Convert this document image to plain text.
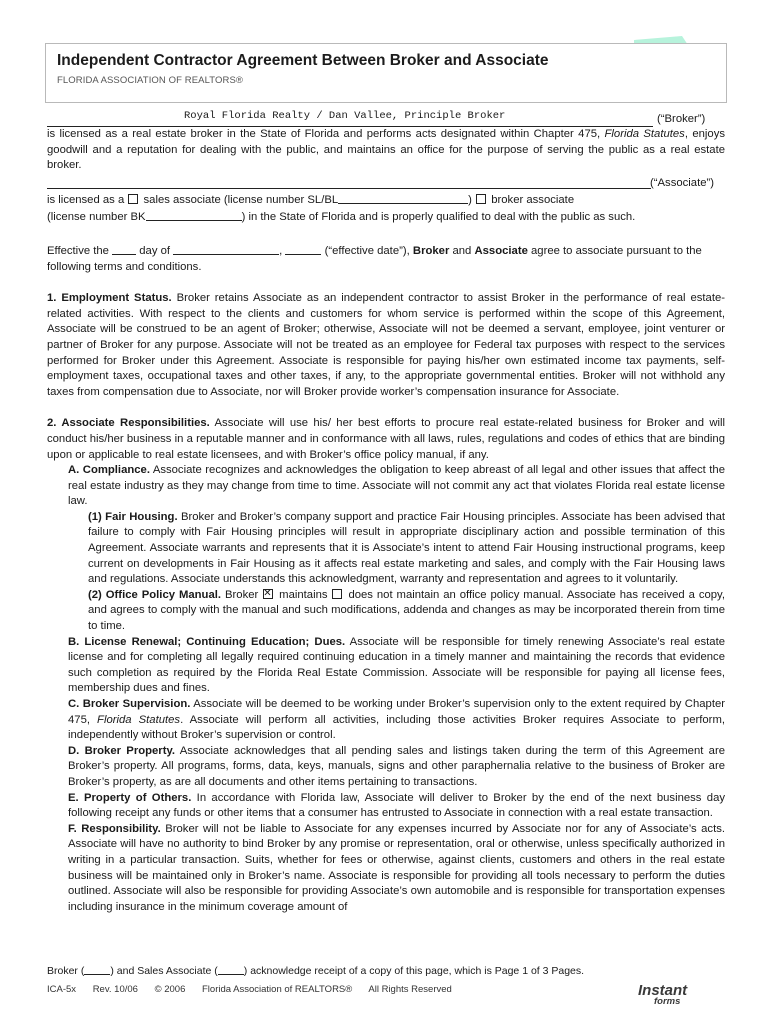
Independent Contractor Agreement Between Broker and Associate
FLORIDA ASSOCIATION OF REALTORS®
Royal Florida Realty / Dan Vallee, Principle Broker	(“Broker”)

is licensed as a real estate broker in the State of Florida and performs acts designated within Chapter 475, Florida Statutes, enjoys goodwill and a reputation for dealing with the public, and maintains an office for the purpose of serving the public as a real estate broker.

(“Associate”)

is licensed as a  sales associate (license number SL/BL	)  broker associate

(license number BK	) in the State of Florida and is properly qualified to deal with the public as such.

Effective the  day of	,	(“effective date”), Broker and Associate agree to associate pursuant to the following terms and conditions.

1. Employment Status. Broker retains Associate as an independent contractor to assist Broker in the performance of real estate-related activities. With respect to the clients and customers for whom service is performed within the scope of this Agreement, Associate will be construed to be an agent of Broker; otherwise, Associate will not be deemed a servant, employee, joint venturer or partner of Broker for any purpose. Associate will not be treated as an employee for Federal tax purposes with respect to the services performed for Broker under this Agreement. Associate is responsible for paying his/her own estimated income tax payments, self-employment taxes, occupational taxes and other taxes, if any, to the appropriate governmental entities. Broker will not withhold any taxes from compensation due to Associate, nor will Broker provide worker’s compensation insurance for Associate.

2. Associate Responsibilities. Associate will use his/ her best efforts to procure real estate-related business for Broker and will conduct his/her business in a reputable manner and in conformance with all laws, rules, regulations and codes of ethics that are binding upon or applicable to real estate licensees, and with Broker’s office policy manual, if any.

A. Compliance. Associate recognizes and acknowledges the obligation to keep abreast of all legal and other issues that affect the real estate industry as they may change from time to time. Associate will not commit any act that violates Florida real estate license law.

(1) Fair Housing. Broker and Broker’s company support and practice Fair Housing principles. Associate has been advised that failure to comply with Fair Housing principles will result in appropriate disciplinary action and possible termination of this Agreement. Associate warrants and represents that it is Associate’s intent to attend Fair Housing instructional programs, keep current on developments in Fair Housing as it affects real estate marketing and sales, and comply with the Fair Housing laws and regulations. Associate understands this acknowledgment, warranty and representation and agrees to it voluntarily.

(2) Office Policy Manual. Broker ✕ maintains  does not maintain an office policy manual. Associate has received a copy, and agrees to comply with the manual and such modifications, addenda and changes as may be incorporated therein from time to time.

B. License Renewal; Continuing Education; Dues. Associate will be responsible for timely renewing Associate’s real estate license and for completing all legally required continuing education in a timely manner and maintaining the records that evidence such completion as required by the Florida Real Estate Commission. Associate will be responsible for paying all license fees, membership dues and fines.

C. Broker Supervision. Associate will be deemed to be working under Broker’s supervision only to the extent required by Chapter 475, Florida Statutes. Associate will perform all activities, including those activities Broker requires Associate to perform, independently without Broker’s supervision or control.

D. Broker Property. Associate acknowledges that all pending sales and listings taken during the term of this Agreement are Broker’s property. All programs, forms, data, keys, manuals, signs and other paraphernalia relative to the business of Broker are Broker’s property, as are all documents and other items pertaining to transactions.

E. Property of Others. In accordance with Florida law, Associate will deliver to Broker by the end of the next business day following receipt any funds or other items that a consumer has entrusted to Associate in connection with a real estate transaction.

F. Responsibility. Broker will not be liable to Associate for any expenses incurred by Associate nor for any of Associate’s acts. Associate will have no authority to bind Broker by any promise or representation, oral or otherwise, unless specifically authorized in writing in a particular transaction. Suits, whether for fees or otherwise, against clients, customers and others in the real estate business will be maintained only in Broker’s name. Associate is responsible for providing all tools necessary to perform the duties outlined. Associate will also be responsible for providing Associate’s own automobile and is responsible for transportation expenses including insurance in the minimum coverage amount of

Broker ( ) and Sales Associate ( ) acknowledge receipt of a copy of this page, which is Page 1 of 3 Pages.
ICA-5x Rev. 10/06 © 2006 Florida Association of REALTORS® All Rights Reserved	Instant
forms
